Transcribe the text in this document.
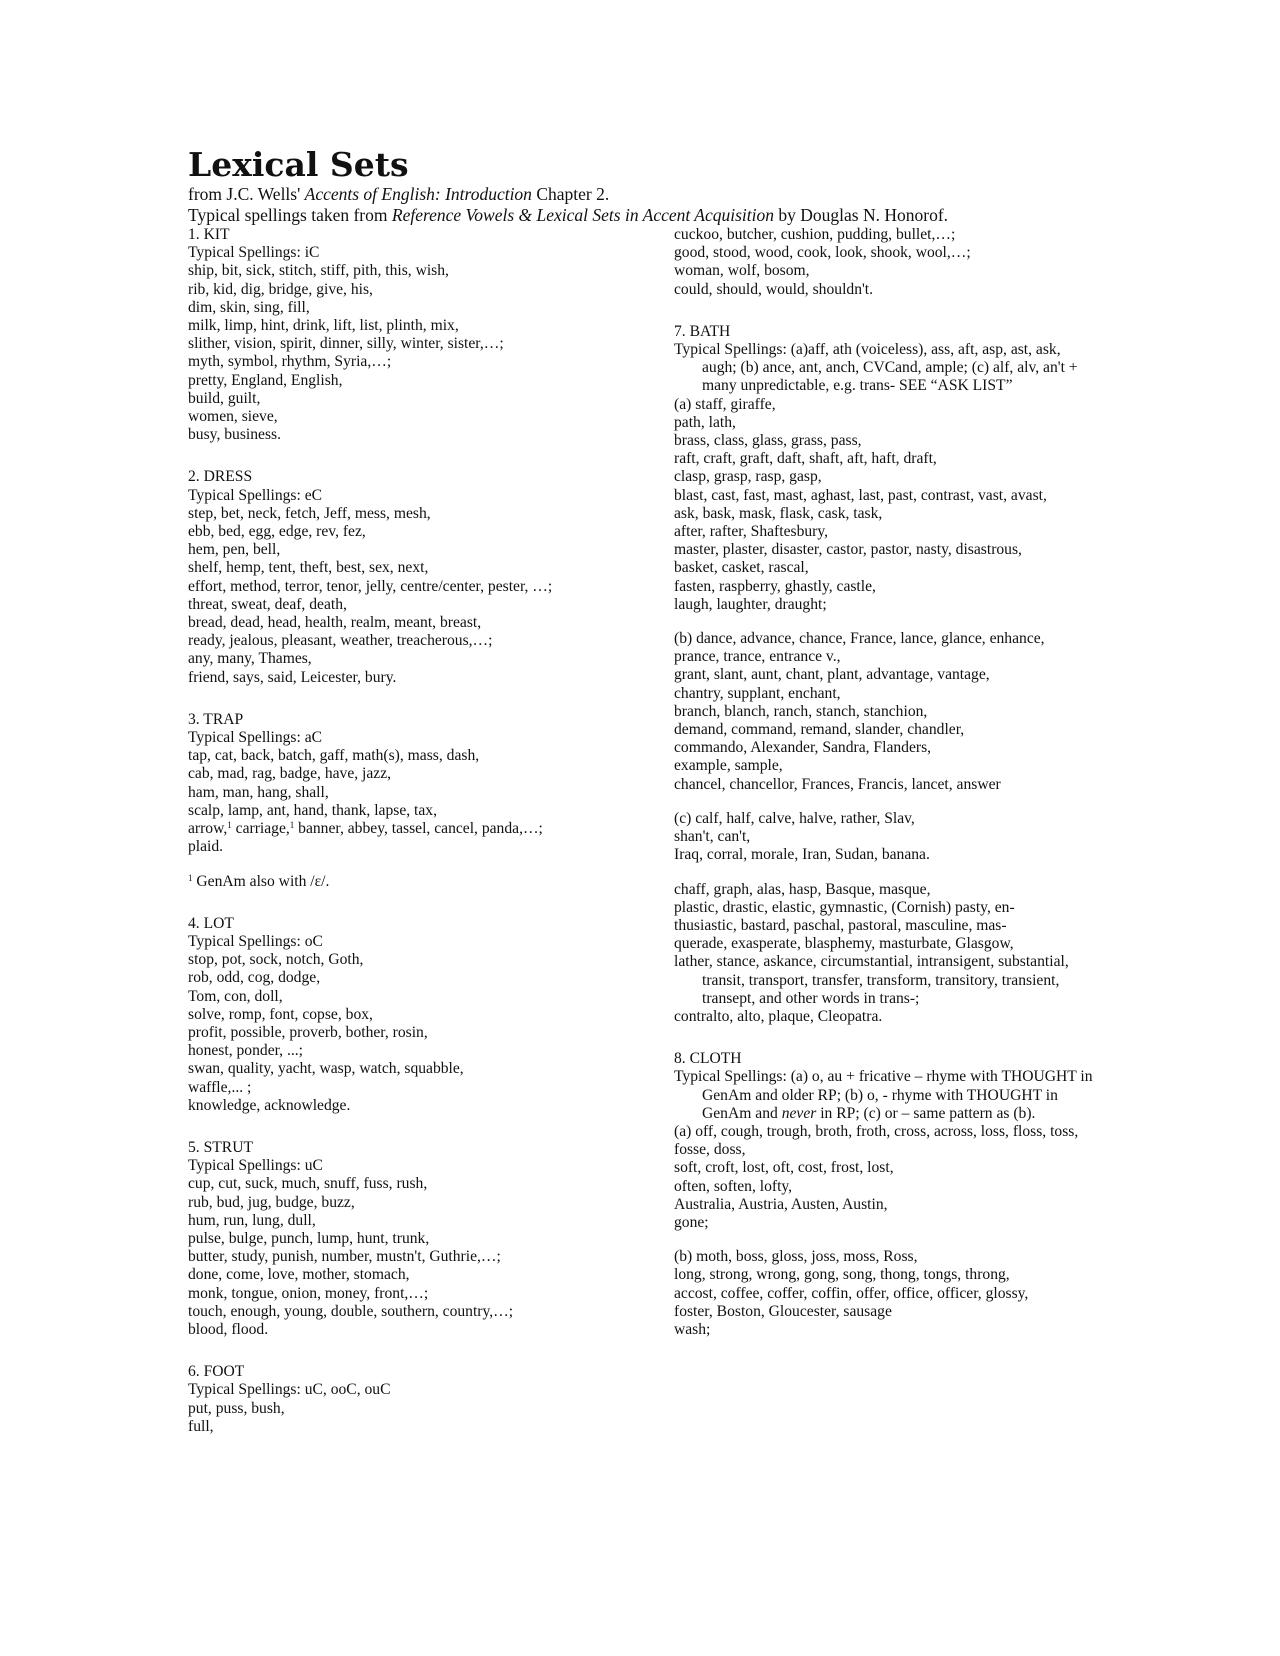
Lexical Sets

from J.C. Wells' Accents of English: Introduction Chapter 2.

Typical spellings taken from Reference Vowels & Lexical Sets in Accent Acquisition by Douglas N. Honorof.

1. KIT

Typical Spellings: iC

ship, bit, sick, stitch, stiff, pith, this, wish,

rib, kid, dig, bridge, give, his,

dim, skin, sing, fill,

milk, limp, hint, drink, lift, list, plinth, mix,

slither, vision, spirit, dinner, silly, winter, sister,…;

myth, symbol, rhythm, Syria,…;

pretty, England, English,

build, guilt,

women, sieve,

busy, business.

2. DRESS

Typical Spellings: eC

step, bet, neck, fetch, Jeff, mess, mesh,

ebb, bed, egg, edge, rev, fez,

hem, pen, bell,

shelf, hemp, tent, theft, best, sex, next,

effort, method, terror, tenor, jelly, centre/center, pester, …;

threat, sweat, deaf, death,

bread, dead, head, health, realm, meant, breast,

ready, jealous, pleasant, weather, treacherous,…;

any, many, Thames,

friend, says, said, Leicester, bury.

3. TRAP

Typical Spellings: aC

tap, cat, back, batch, gaff, math(s), mass, dash,

cab, mad, rag, badge, have, jazz,

ham, man, hang, shall,

scalp, lamp, ant, hand, thank, lapse, tax,

arrow,$^1$ carriage,$^1$ banner, abbey, tassel, cancel, panda,…;

plaid.

$^1$ GenAm also with /ɛ/.

4. LOT

Typical Spellings: oC

stop, pot, sock, notch, Goth,

rob, odd, cog, dodge,

Tom, con, doll,

solve, romp, font, copse, box,

profit, possible, proverb, bother, rosin,

honest, ponder, ...;

swan, quality, yacht, wasp, watch, squabble,

waffle,... ;

knowledge, acknowledge.

5. STRUT

Typical Spellings: uC

cup, cut, suck, much, snuff, fuss, rush,

rub, bud, jug, budge, buzz,

hum, run, lung, dull,

pulse, bulge, punch, lump, hunt, trunk,

butter, study, punish, number, mustn't, Guthrie,…;

done, come, love, mother, stomach,

monk, tongue, onion, money, front,…;

touch, enough, young, double, southern, country,…;

blood, flood.

6. FOOT

Typical Spellings: uC, ooC, ouC

put, puss, bush,

full,

cuckoo, butcher, cushion, pudding, bullet,…;

good, stood, wood, cook, look, shook, wool,…;

woman, wolf, bosom,

could, should, would, shouldn't.

7. BATH

Typical Spellings: (a)aff, ath (voiceless), ass, aft, asp, ast, ask, augh; (b) ance, ant, anch, CVCand, ample; (c) alf, alv, an't + many unpredictable, e.g. trans- SEE “ASK LIST”

(a) staff, giraffe,

path, lath,

brass, class, glass, grass, pass,

raft, craft, graft, daft, shaft, aft, haft, draft,

clasp, grasp, rasp, gasp,

blast, cast, fast, mast, aghast, last, past, contrast, vast, avast,

ask, bask, mask, flask, cask, task,

after, rafter, Shaftesbury,

master, plaster, disaster, castor, pastor, nasty, disastrous,

basket, casket, rascal,

fasten, raspberry, ghastly, castle,

laugh, laughter, draught;

(b) dance, advance, chance, France, lance, glance, enhance,

prance, trance, entrance v.,

grant, slant, aunt, chant, plant, advantage, vantage,

chantry, supplant, enchant,

branch, blanch, ranch, stanch, stanchion,

demand, command, remand, slander, chandler,

commando, Alexander, Sandra, Flanders,

example, sample,

chancel, chancellor, Frances, Francis, lancet, answer

(c) calf, half, calve, halve, rather, Slav,

shan't, can't,

Iraq, corral, morale, Iran, Sudan, banana.

chaff, graph, alas, hasp, Basque, masque,

plastic, drastic, elastic, gymnastic, (Cornish) pasty, en-

thusiastic, bastard, paschal, pastoral, masculine, mas-

querade, exasperate, blasphemy, masturbate, Glasgow,

lather, stance, askance, circumstantial, intransigent, substantial, transit, transport, transfer, transform, transitory, transient, transept, and other words in trans-;

contralto, alto, plaque, Cleopatra.

8. CLOTH

Typical Spellings: (a) o, au + fricative – rhyme with THOUGHT in GenAm and older RP; (b) o, - rhyme with THOUGHT in GenAm and never in RP; (c) or – same pattern as (b).

(a) off, cough, trough, broth, froth, cross, across, loss, floss, toss,

fosse, doss,

soft, croft, lost, oft, cost, frost, lost,

often, soften, lofty,

Australia, Austria, Austen, Austin,

gone;

(b) moth, boss, gloss, joss, moss, Ross,

long, strong, wrong, gong, song, thong, tongs, throng,

accost, coffee, coffer, coffin, offer, office, officer, glossy,

foster, Boston, Gloucester, sausage

wash;
